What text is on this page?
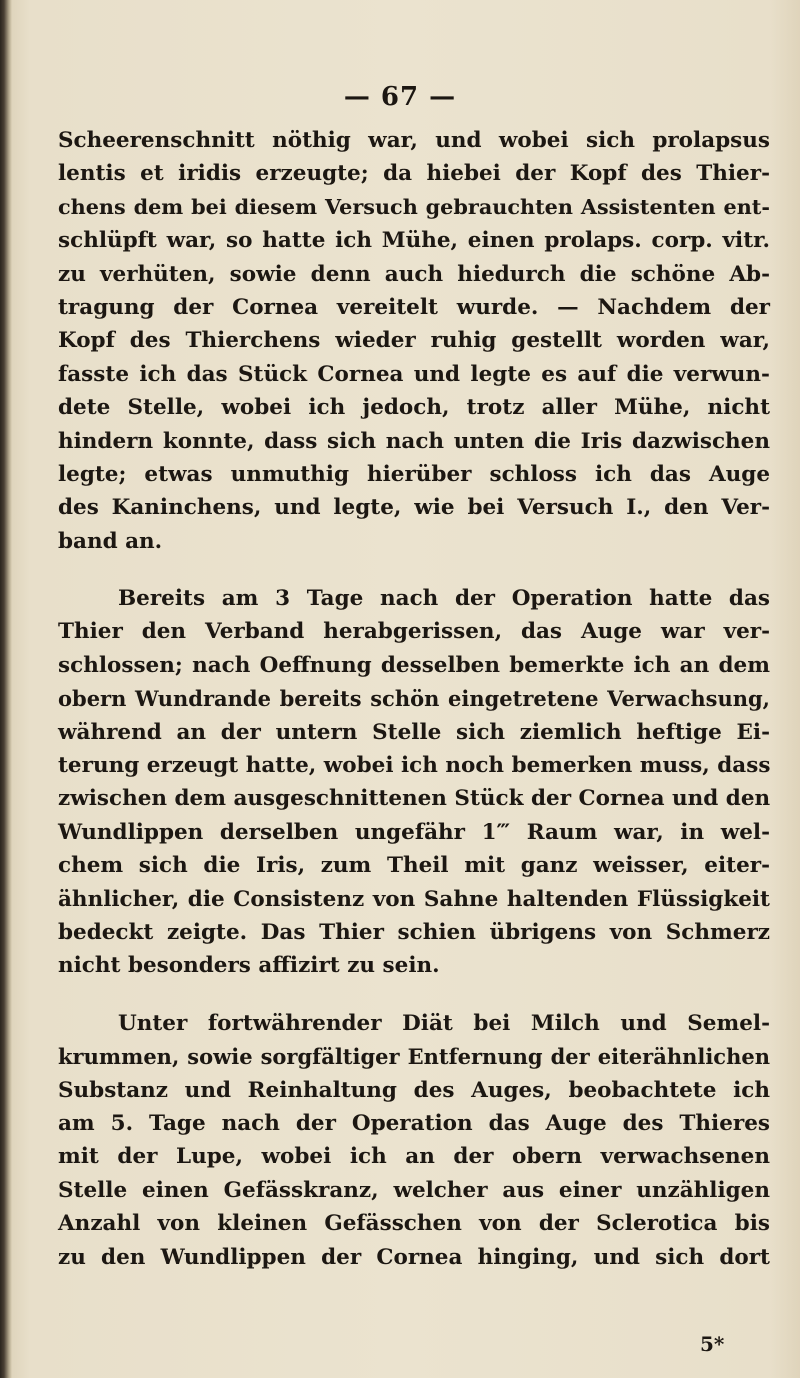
— 67 —
Scheerenschnitt nöthig war, und wobei sich prolapsus
lentis et iridis erzeugte; da hiebei der Kopf des Thier-
chens dem bei diesem Versuch gebrauchten Assistenten ent-
schlüpft war, so hatte ich Mühe, einen prolaps. corp. vitr.
zu verhüten, sowie denn auch hiedurch die schöne Ab-
tragung der Cornea vereitelt wurde. — Nachdem der
Kopf des Thierchens wieder ruhig gestellt worden war,
fasste ich das Stück Cornea und legte es auf die verwun-
dete Stelle, wobei ich jedoch, trotz aller Mühe, nicht
hindern konnte, dass sich nach unten die Iris dazwischen
legte; etwas unmuthig hierüber schloss ich das Auge
des Kaninchens, und legte, wie bei Versuch I., den Ver-
band an.
Bereits am 3 Tage nach der Operation hatte das
Thier den Verband herabgerissen, das Auge war ver-
schlossen; nach Oeffnung desselben bemerkte ich an dem
obern Wundrande bereits schön eingetretene Verwachsung,
während an der untern Stelle sich ziemlich heftige Ei-
terung erzeugt hatte, wobei ich noch bemerken muss, dass
zwischen dem ausgeschnittenen Stück der Cornea und den
Wundlippen derselben ungefähr 1‴ Raum war, in wel-
chem sich die Iris, zum Theil mit ganz weisser, eiter-
ähnlicher, die Consistenz von Sahne haltenden Flüssigkeit
bedeckt zeigte. Das Thier schien übrigens von Schmerz
nicht besonders affizirt zu sein.
Unter fortwährender Diät bei Milch und Semel-
krummen, sowie sorgfältiger Entfernung der eiterähnlichen
Substanz und Reinhaltung des Auges, beobachtete ich
am 5. Tage nach der Operation das Auge des Thieres
mit der Lupe, wobei ich an der obern verwachsenen
Stelle einen Gefässkranz, welcher aus einer unzähligen
Anzahl von kleinen Gefässchen von der Sclerotica bis
zu den Wundlippen der Cornea hinging, und sich dort
5*
